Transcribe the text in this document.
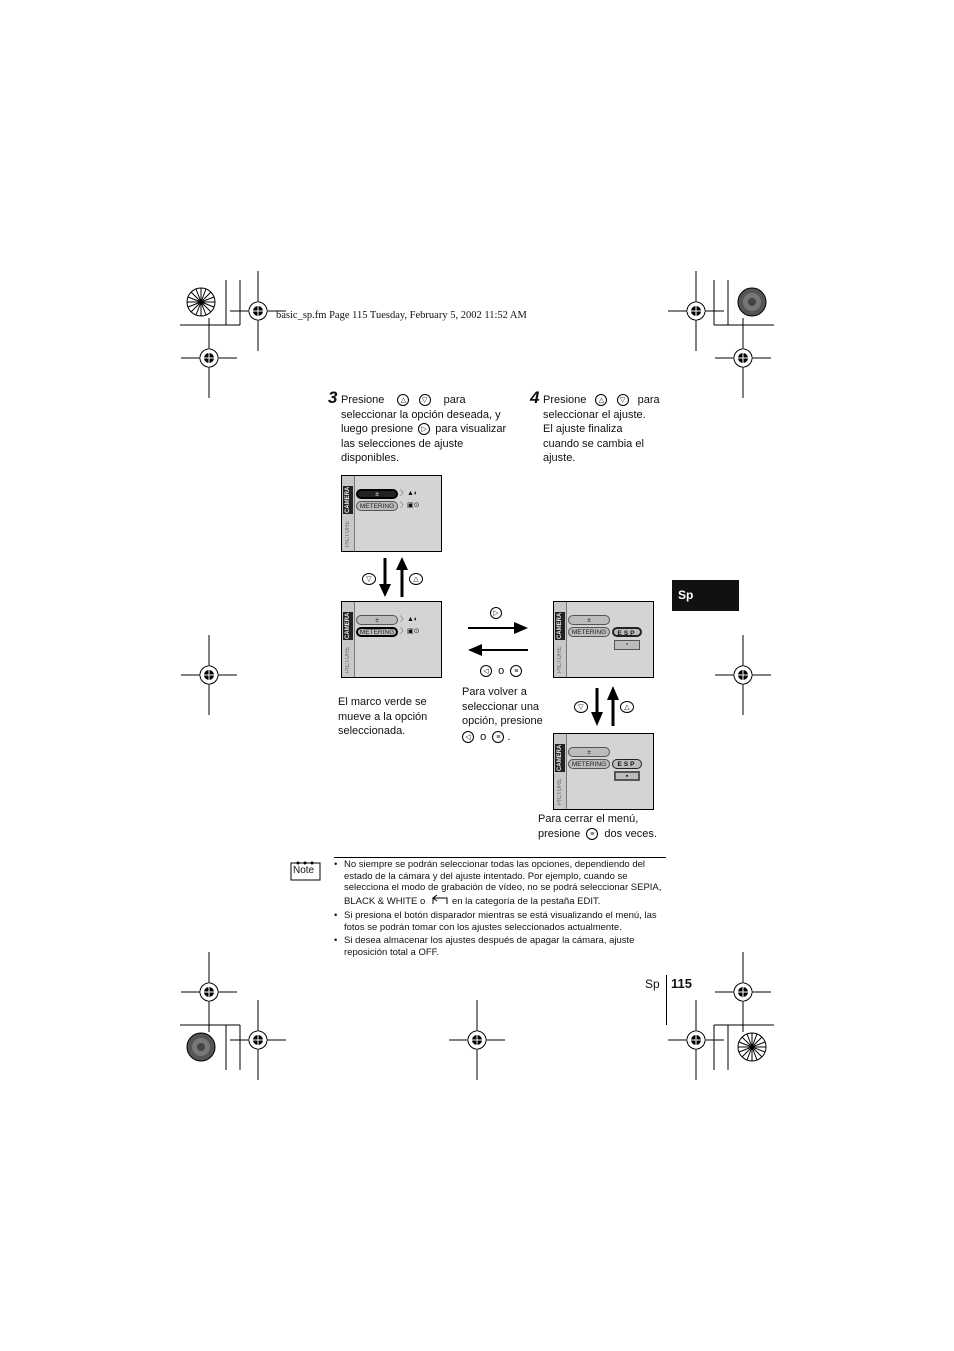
basic_sp.fm Page 115 Tuesday, February 5, 2002 11:52 AM
3 Presione △ ▽ para
seleccionar la opción deseada, y
luego presione ▷ para visualizar
las selecciones de ajuste
disponibles.
4 Presione △ ▽ para
seleccionar el ajuste.
El ajuste finaliza
cuando se cambia el
ajuste.
CAMERA
PICTURE
±	〉▲◐
METERING 〉▣⊙
CAMERA
PICTURE
±	〉▲◐
METERING 〉▣⊙	CAMERA
PICTURE
±
METERING	ESP
▫
CAMERA
PICTURE
±
METERING	ESP
▪
▽	△
▷
◁ o ≡
▽	△
El marco verde se
mueve a la opción
seleccionada.
Para volver a
seleccionar una
opción, presione
◁ o ≡ .
Para cerrar el menú,
presione ≡ dos veces.
Sp
Note
• No siempre se podrán seleccionar todas las opciones, dependiendo del estado de la cámara y del ajuste intentado. Por ejemplo, cuando se selecciona el modo de grabación de vídeo, no se podrá seleccionar SEPIA, BLACK & WHITE o	en la categoría de la pestaña EDIT.
• Si presiona el botón disparador mientras se está visualizando el menú, las fotos se podrán tomar con los ajustes seleccionados actualmente.
• Si desea almacenar los ajustes después de apagar la cámara, ajuste reposición total a OFF.
Sp 115
